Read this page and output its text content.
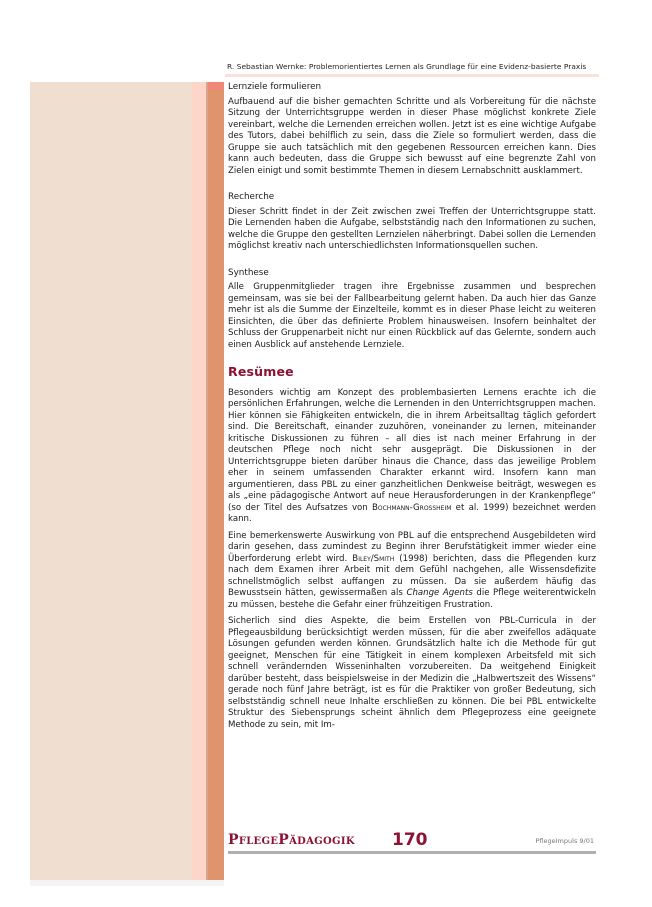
R. Sebastian Wernke: Problemorientiertes Lernen als Grundlage für eine Evidenz-basierte Praxis
Lernziele formulieren

Aufbauend auf die bisher gemachten Schritte und als Vorbereitung für die nächste Sitzung der Unterrichtsgruppe werden in dieser Phase möglichst konkrete Ziele vereinbart, welche die Lernenden erreichen wollen. Jetzt ist es eine wichtige Aufgabe des Tutors, dabei behilflich zu sein, dass die Ziele so formuliert werden, dass die Gruppe sie auch tatsächlich mit den gegebenen Ressourcen erreichen kann. Dies kann auch bedeuten, dass die Gruppe sich bewusst auf eine begrenzte Zahl von Zielen einigt und somit bestimmte Themen in diesem Lernabschnitt ausklammert.

Recherche

Dieser Schritt findet in der Zeit zwischen zwei Treffen der Unterrichtsgruppe statt. Die Lernenden haben die Aufgabe, selbstständig nach den Informationen zu suchen, welche die Gruppe den gestellten Lernzielen näherbringt. Dabei sollen die Lernenden möglichst kreativ nach unterschiedlichsten Informationsquellen suchen.

Synthese

Alle Gruppenmitglieder tragen ihre Ergebnisse zusammen und besprechen gemeinsam, was sie bei der Fallbearbeitung gelernt haben. Da auch hier das Ganze mehr ist als die Summe der Einzelteile, kommt es in dieser Phase leicht zu weiteren Einsichten, die über das definierte Problem hinausweisen. Insofern beinhaltet der Schluss der Gruppenarbeit nicht nur einen Rückblick auf das Gelernte, sondern auch einen Ausblick auf anstehende Lernziele.

Resümee

Besonders wichtig am Konzept des problembasierten Lernens erachte ich die persönlichen Erfahrungen, welche die Lernenden in den Unterrichtsgruppen machen. Hier können sie Fähigkeiten entwickeln, die in ihrem Arbeitsalltag täglich gefordert sind. Die Bereitschaft, einander zuzuhören, voneinander zu lernen, miteinander kritische Diskussionen zu führen – all dies ist nach meiner Erfahrung in der deutschen Pflege noch nicht sehr ausgeprägt. Die Diskussionen in der Unterrichtsgruppe bieten darüber hinaus die Chance, dass das jeweilige Problem eher in seinem umfassenden Charakter erkannt wird. Insofern kann man argumentieren, dass PBL zu einer ganzheitlichen Denkweise beiträgt, weswegen es als „eine pädagogische Antwort auf neue Herausforderungen in der Krankenpflege“ (so der Titel des Aufsatzes von Bochmann-Grossheim et al. 1999) bezeichnet werden kann.

Eine bemerkenswerte Auswirkung von PBL auf die entsprechend Ausgebildeten wird darin gesehen, dass zumindest zu Beginn ihrer Berufstätigkeit immer wieder eine Überforderung erlebt wird. Biley/Smith (1998) berichten, dass die Pflegenden kurz nach dem Examen ihrer Arbeit mit dem Gefühl nachgehen, alle Wissensdefizite schnellstmöglich selbst auffangen zu müssen. Da sie außerdem häufig das Bewusstsein hätten, gewissermaßen als Change Agents die Pflege weiterentwickeln zu müssen, bestehe die Gefahr einer frühzeitigen Frustration.

Sicherlich sind dies Aspekte, die beim Erstellen von PBL-Curricula in der Pflegeausbildung berücksichtigt werden müssen, für die aber zweifellos adäquate Lösungen gefunden werden können. Grundsätzlich halte ich die Methode für gut geeignet, Menschen für eine Tätigkeit in einem komplexen Arbeitsfeld mit sich schnell verändernden Wisseninhalten vorzubereiten. Da weitgehend Einigkeit darüber besteht, dass beispielsweise in der Medizin die „Halbwertszeit des Wissens“ gerade noch fünf Jahre beträgt, ist es für die Praktiker von großer Bedeutung, sich selbstständig schnell neue Inhalte erschließen zu können. Die bei PBL entwickelte Struktur des Siebensprungs scheint ähnlich dem Pflegeprozess eine geeignete Methode zu sein, mit Im-

PflegePädagogik 170	PflegeImpuls 9/01
